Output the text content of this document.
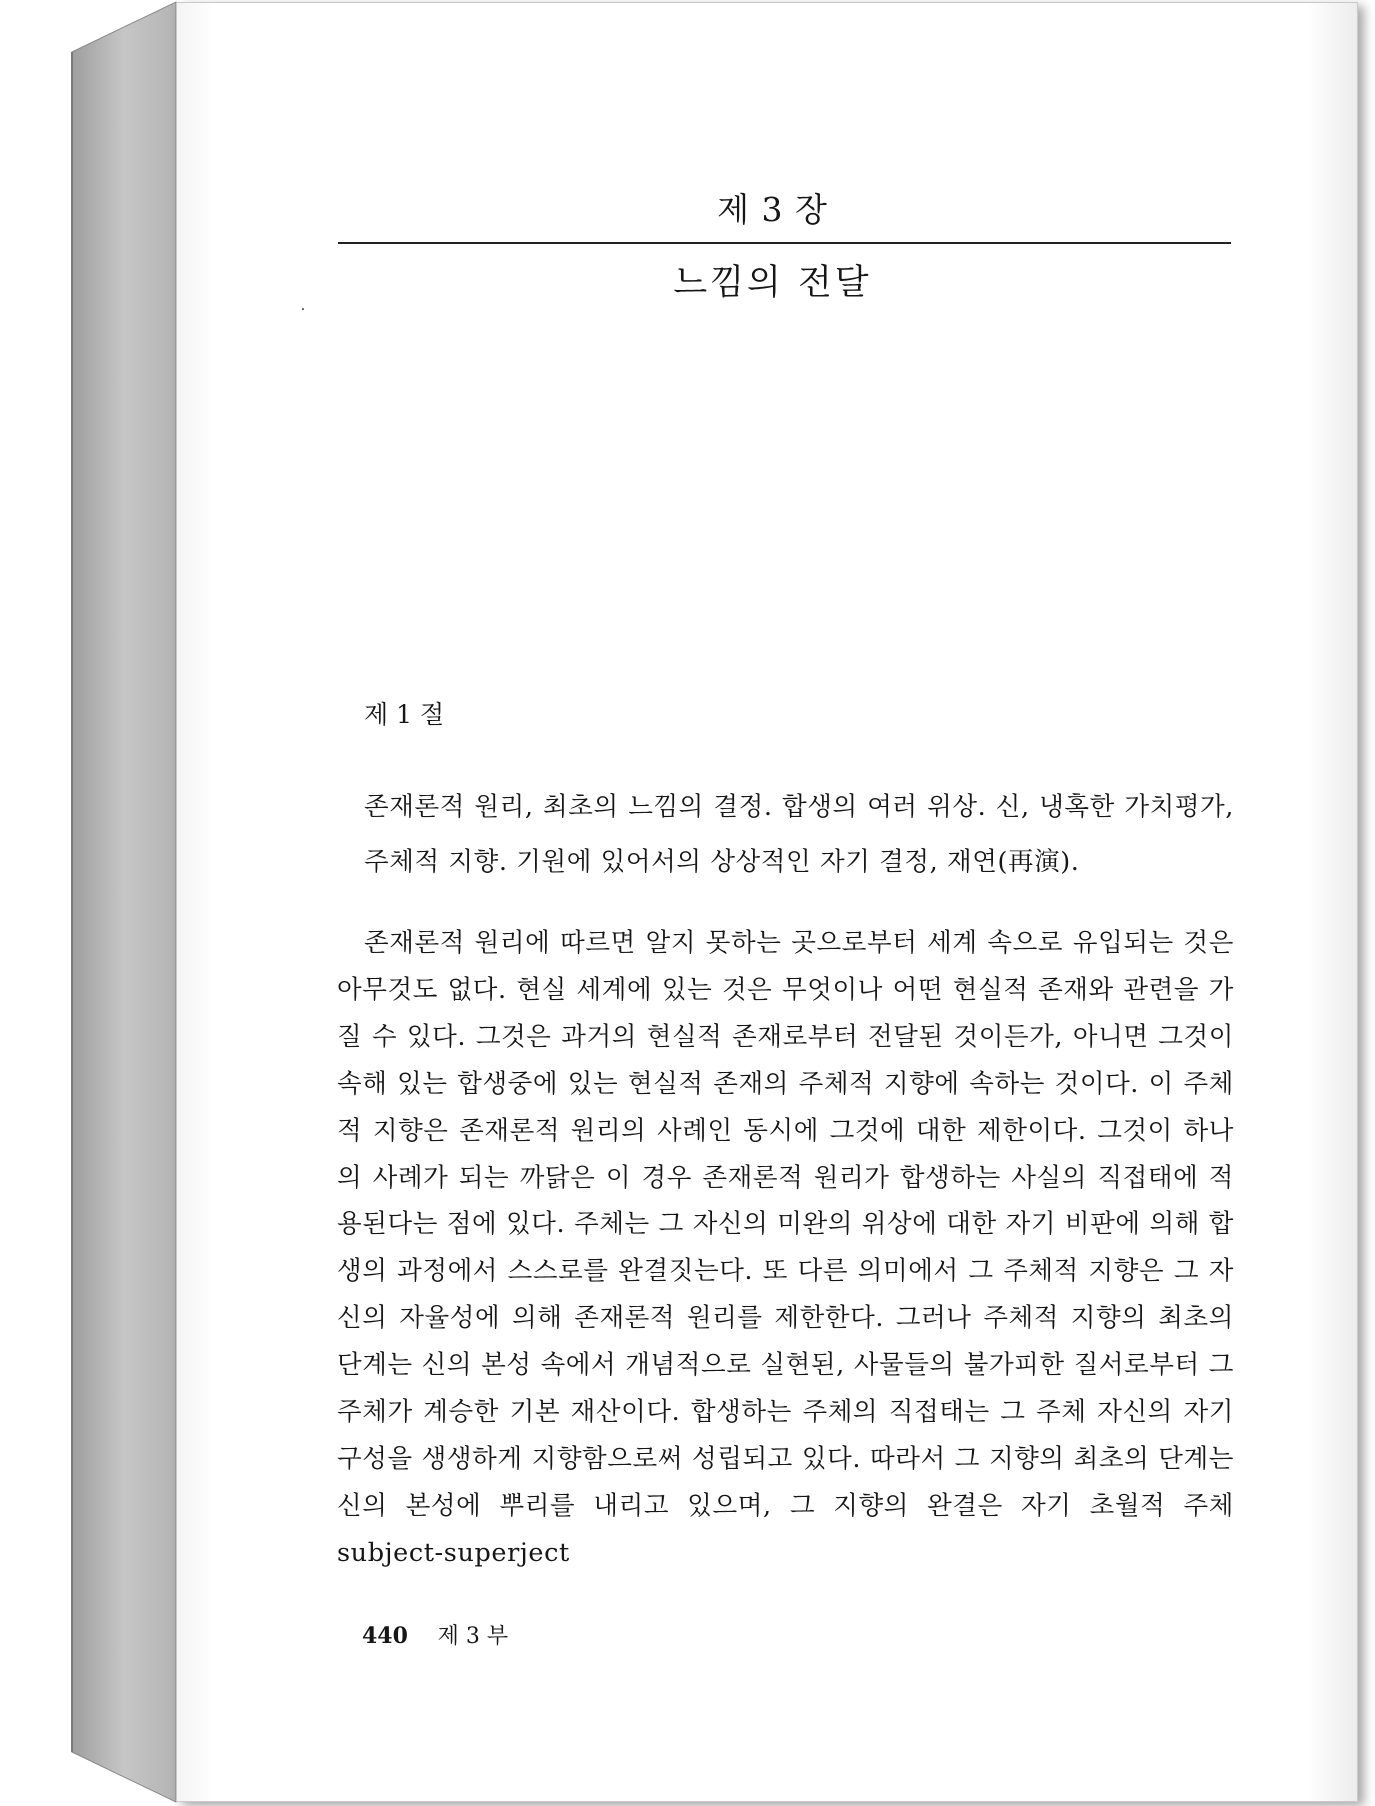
제 3 장
느낌의 전달
제 1 절
존재론적 원리, 최초의 느낌의 결정. 합생의 여러 위상. 신, 냉혹한 가치평가, 주체적 지향. 기원에 있어서의 상상적인 자기 결정, 재연(再演).

존재론적 원리에 따르면 알지 못하는 곳으로부터 세계 속으로 유입되는 것은 아무것도 없다. 현실 세계에 있는 것은 무엇이나 어떤 현실적 존재와 관련을 가질 수 있다. 그것은 과거의 현실적 존재로부터 전달된 것이든가, 아니면 그것이 속해 있는 합생중에 있는 현실적 존재의 주체적 지향에 속하는 것이다. 이 주체적 지향은 존재론적 원리의 사례인 동시에 그것에 대한 제한이다. 그것이 하나의 사례가 되는 까닭은 이 경우 존재론적 원리가 합생하는 사실의 직접태에 적용된다는 점에 있다. 주체는 그 자신의 미완의 위상에 대한 자기 비판에 의해 합생의 과정에서 스스로를 완결짓는다. 또 다른 의미에서 그 주체적 지향은 그 자신의 자율성에 의해 존재론적 원리를 제한한다. 그러나 주체적 지향의 최초의 단계는 신의 본성 속에서 개념적으로 실현된, 사물들의 불가피한 질서로부터 그 주체가 계승한 기본 재산이다. 합생하는 주체의 직접태는 그 주체 자신의 자기 구성을 생생하게 지향함으로써 성립되고 있다. 따라서 그 지향의 최초의 단계는 신의 본성에 뿌리를 내리고 있으며, 그 지향의 완결은 자기 초월적 주체 subject-superject

440 제 3 부
